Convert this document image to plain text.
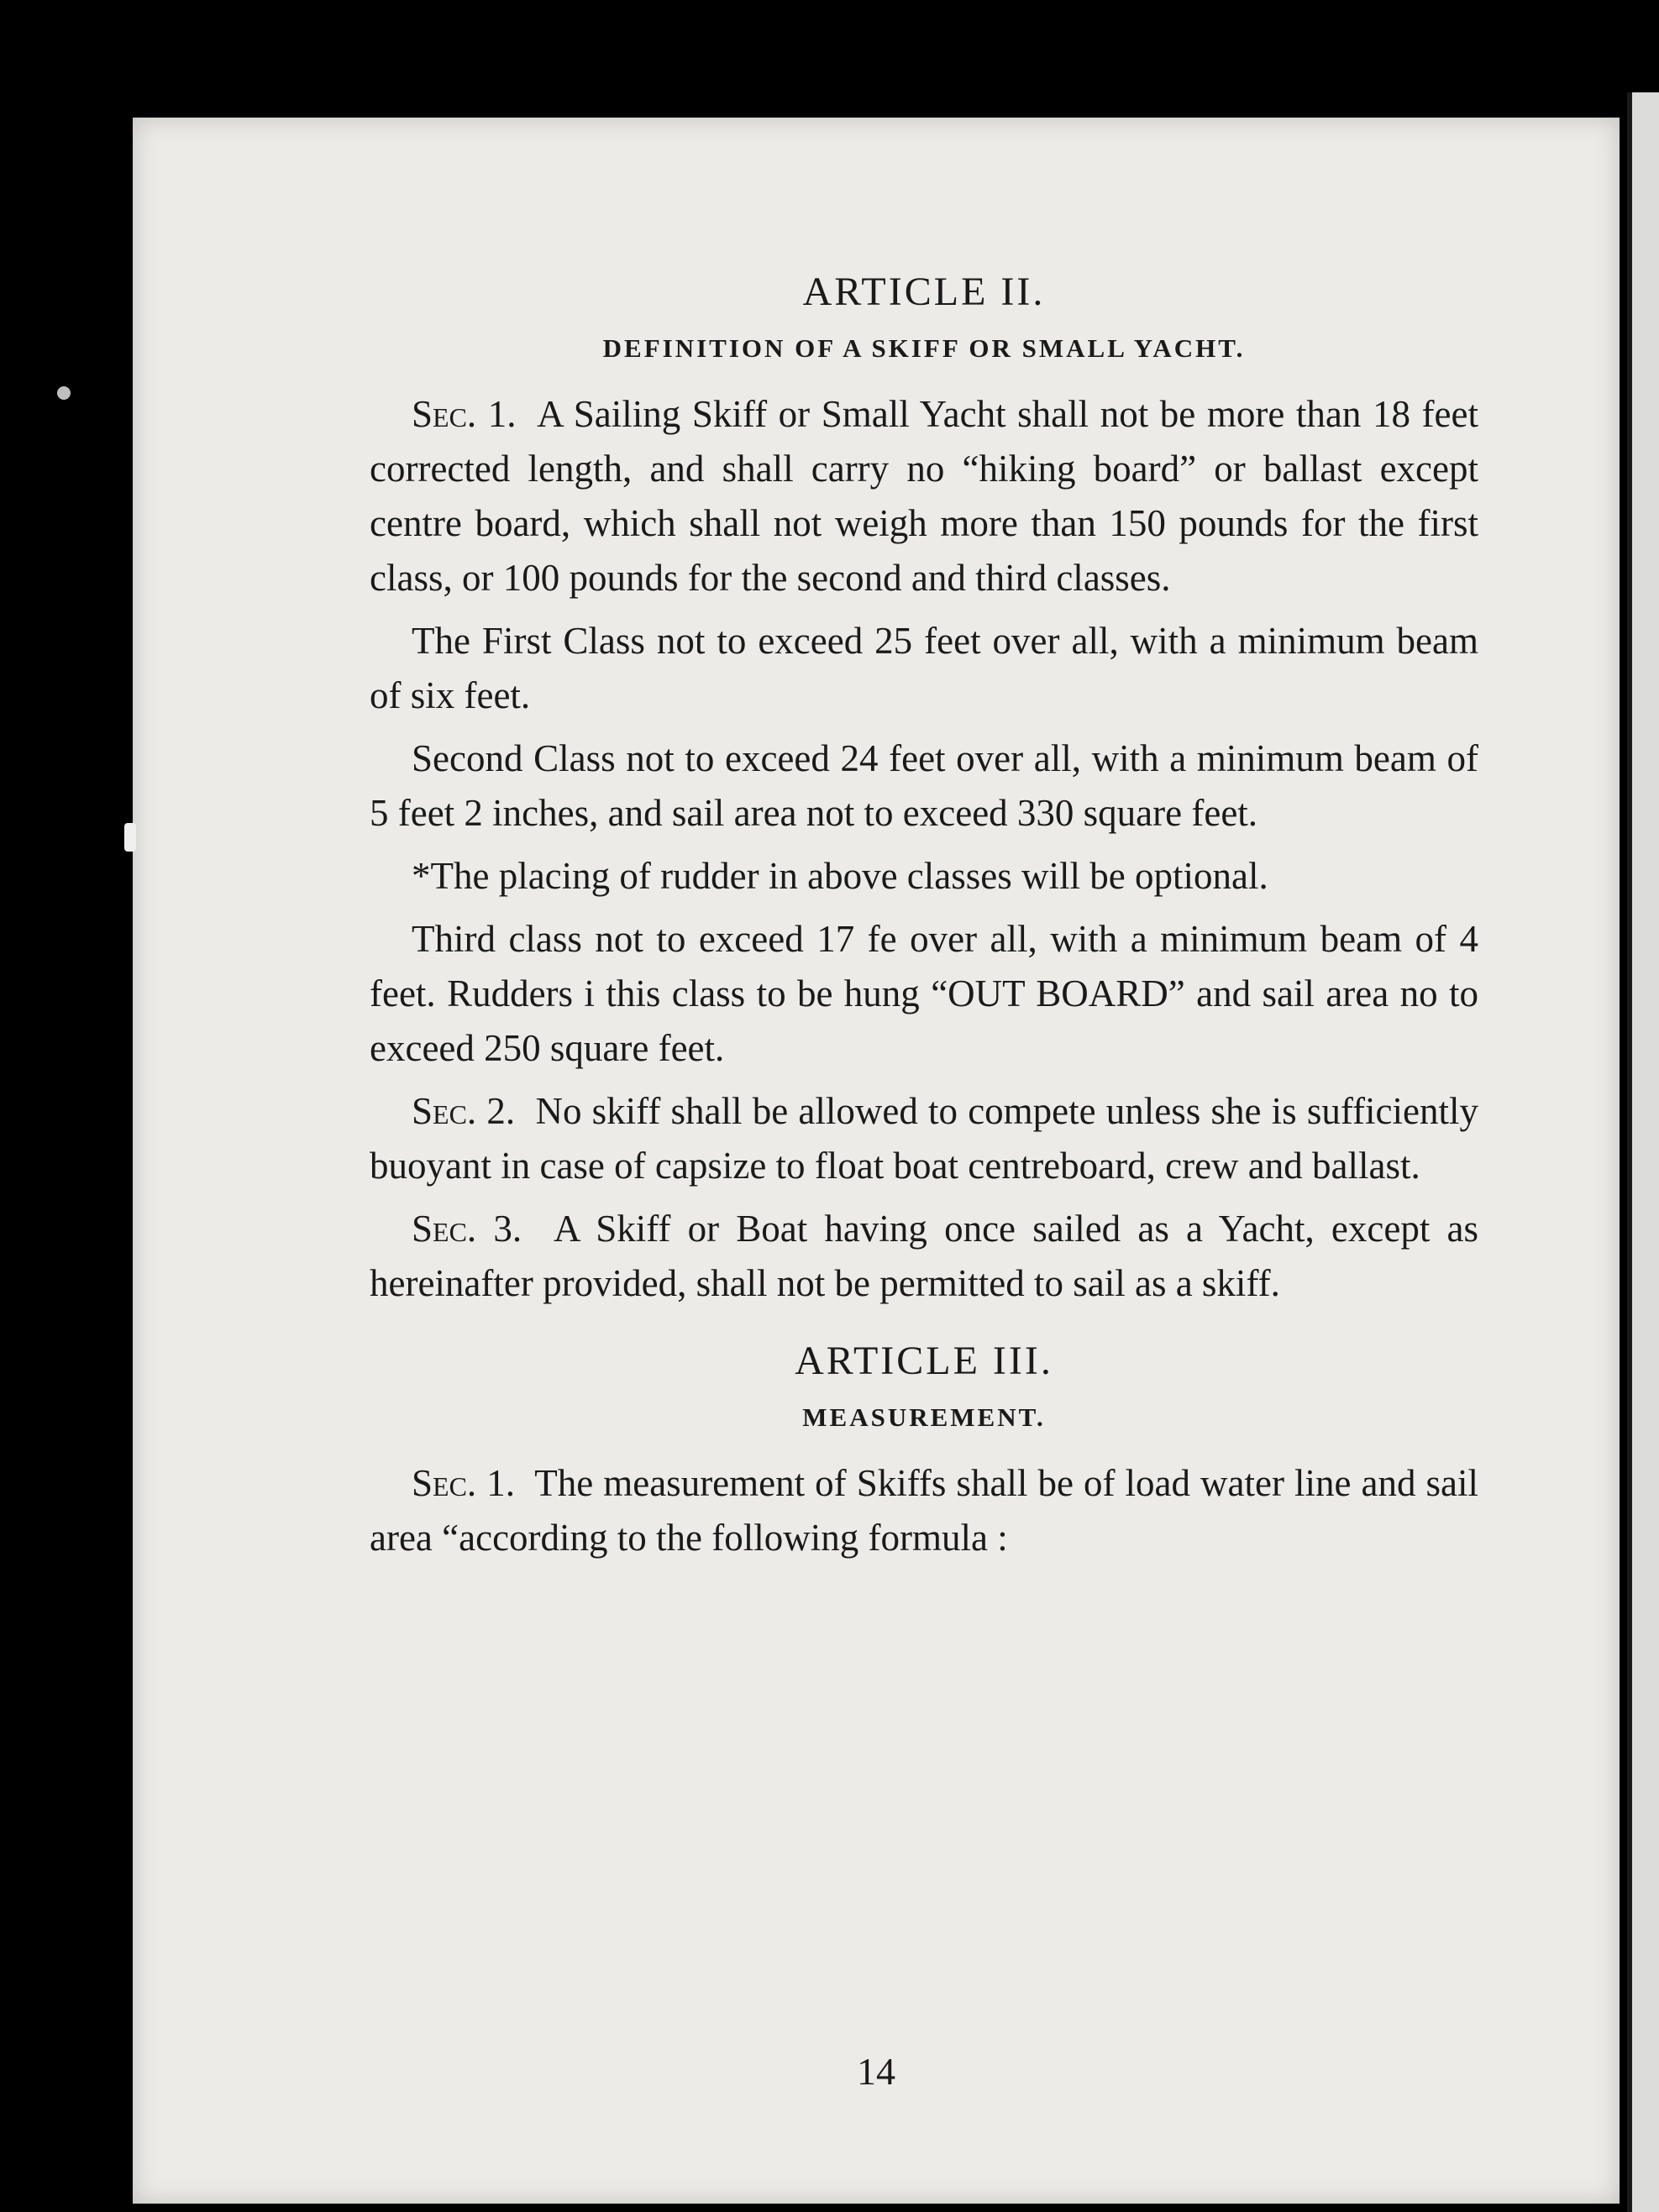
ARTICLE II.
DEFINITION OF A SKIFF OR SMALL YACHT.

Sec. 1. A Sailing Skiff or Small Yacht shall not be more than 18 feet corrected length, and shall carry no “hiking board” or ballast except centre board, which shall not weigh more than 150 pounds for the first class, or 100 pounds for the second and third classes.

The First Class not to exceed 25 feet over all, with a minimum beam of six feet.

Second Class not to exceed 24 feet over all, with a minimum beam of 5 feet 2 inches, and sail area not to exceed 330 square feet.

*The placing of rudder in above classes will be optional.

Third class not to exceed 17 fe over all, with a minimum beam of 4 feet. Rudders i this class to be hung “OUT BOARD” and sail area no to exceed 250 square feet.

Sec. 2. No skiff shall be allowed to compete unless she is sufficiently buoyant in case of capsize to float boat centreboard, crew and ballast.

Sec. 3. A Skiff or Boat having once sailed as a Yacht, except as hereinafter provided, shall not be permitted to sail as a skiff.

ARTICLE III.
MEASUREMENT.

Sec. 1. The measurement of Skiffs shall be of load water line and sail area “according to the following formula :

14
